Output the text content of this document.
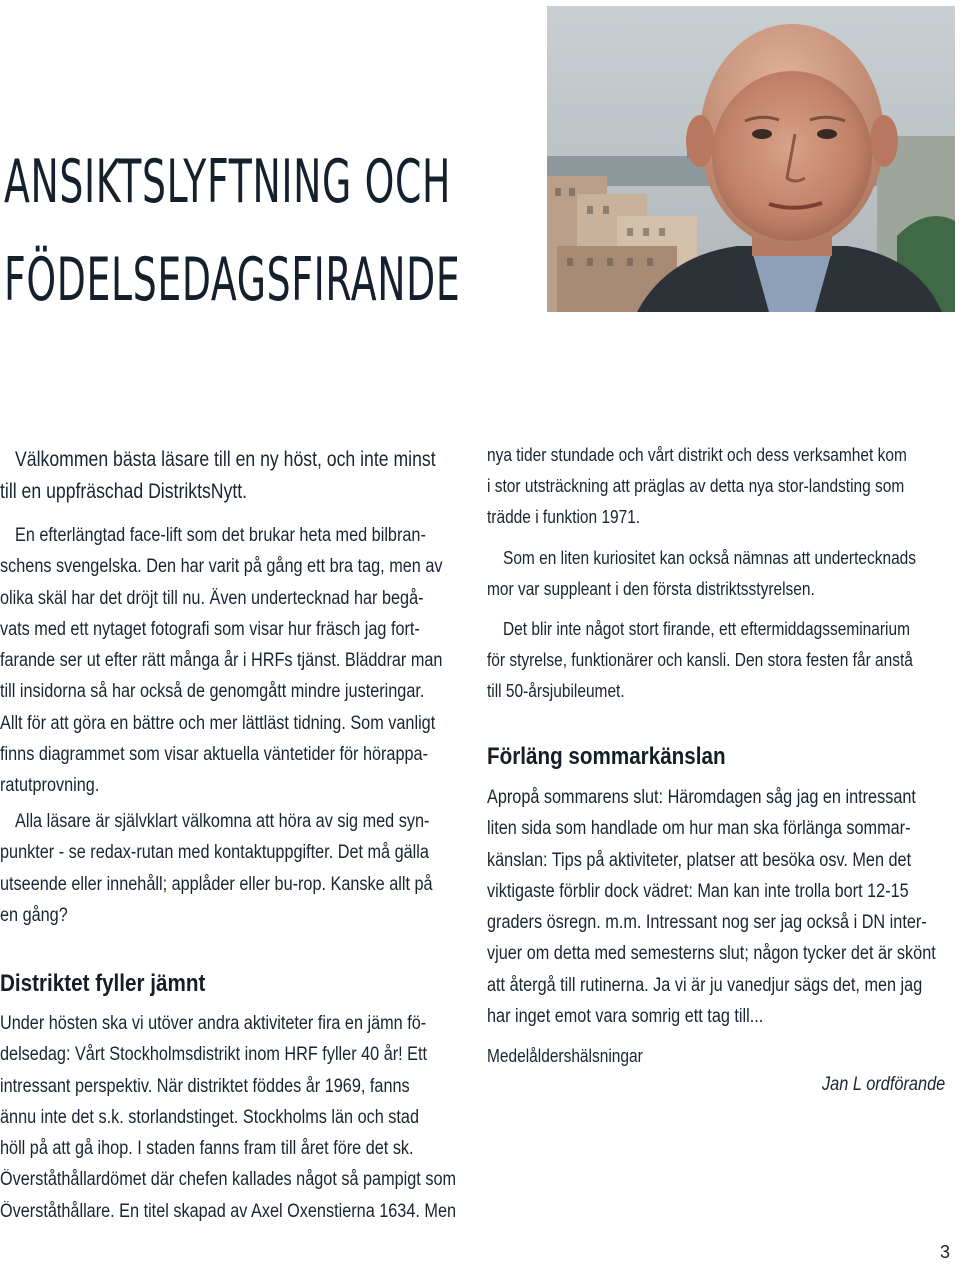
ANSIKTSLYFTNING OCH
FÖDELSEDAGSFIRANDE

Välkommen bästa läsare till en ny höst, och inte minst
till en uppfräschad DistriktsNytt.

En efterlängtad face-lift som det brukar heta med bilbran-
schens svengelska. Den har varit på gång ett bra tag, men av
olika skäl har det dröjt till nu. Även undertecknad har begå-
vats med ett nytaget fotografi som visar hur fräsch jag fort-
farande ser ut efter rätt många år i HRFs tjänst. Bläddrar man
till insidorna så har också de genomgått mindre justeringar.
Allt för att göra en bättre och mer lättläst tidning. Som vanligt
finns diagrammet som visar aktuella väntetider för hörappa-
ratutprovning.

Alla läsare är självklart välkomna att höra av sig med syn-
punkter - se redax-rutan med kontaktuppgifter. Det må gälla
utseende eller innehåll; applåder eller bu-rop. Kanske allt på
en gång?

Distriktet fyller jämnt

Under hösten ska vi utöver andra aktiviteter fira en jämn fö-
delsedag: Vårt Stockholmsdistrikt inom HRF fyller 40 år! Ett
intressant perspektiv. När distriktet föddes år 1969, fanns
ännu inte det s.k. storlandstinget. Stockholms län och stad
höll på att gå ihop. I staden fanns fram till året före det sk.
Överståthållardömet där chefen kallades något så pampigt som
Överståthållare. En titel skapad av Axel Oxenstierna 1634. Men

nya tider stundade och vårt distrikt och dess verksamhet kom
i stor utsträckning att präglas av detta nya stor-landsting som
trädde i funktion 1971.

Som en liten kuriositet kan också nämnas att undertecknads
mor var suppleant i den första distriktsstyrelsen.

Det blir inte något stort firande, ett eftermiddagsseminarium
för styrelse, funktionärer och kansli. Den stora festen får anstå
till 50-årsjubileumet.

Förläng sommarkänslan

Apropå sommarens slut: Häromdagen såg jag en intressant
liten sida som handlade om hur man ska förlänga sommar-
känslan: Tips på aktiviteter, platser att besöka osv. Men det
viktigaste förblir dock vädret: Man kan inte trolla bort 12-15
graders ösregn. m.m. Intressant nog ser jag också i DN inter-
vjuer om detta med semesterns slut; någon tycker det är skönt
att återgå till rutinerna. Ja vi är ju vanedjur sägs det, men jag
har inget emot vara somrig ett tag till...

Medelåldershälsningar

Jan L ordförande
3
